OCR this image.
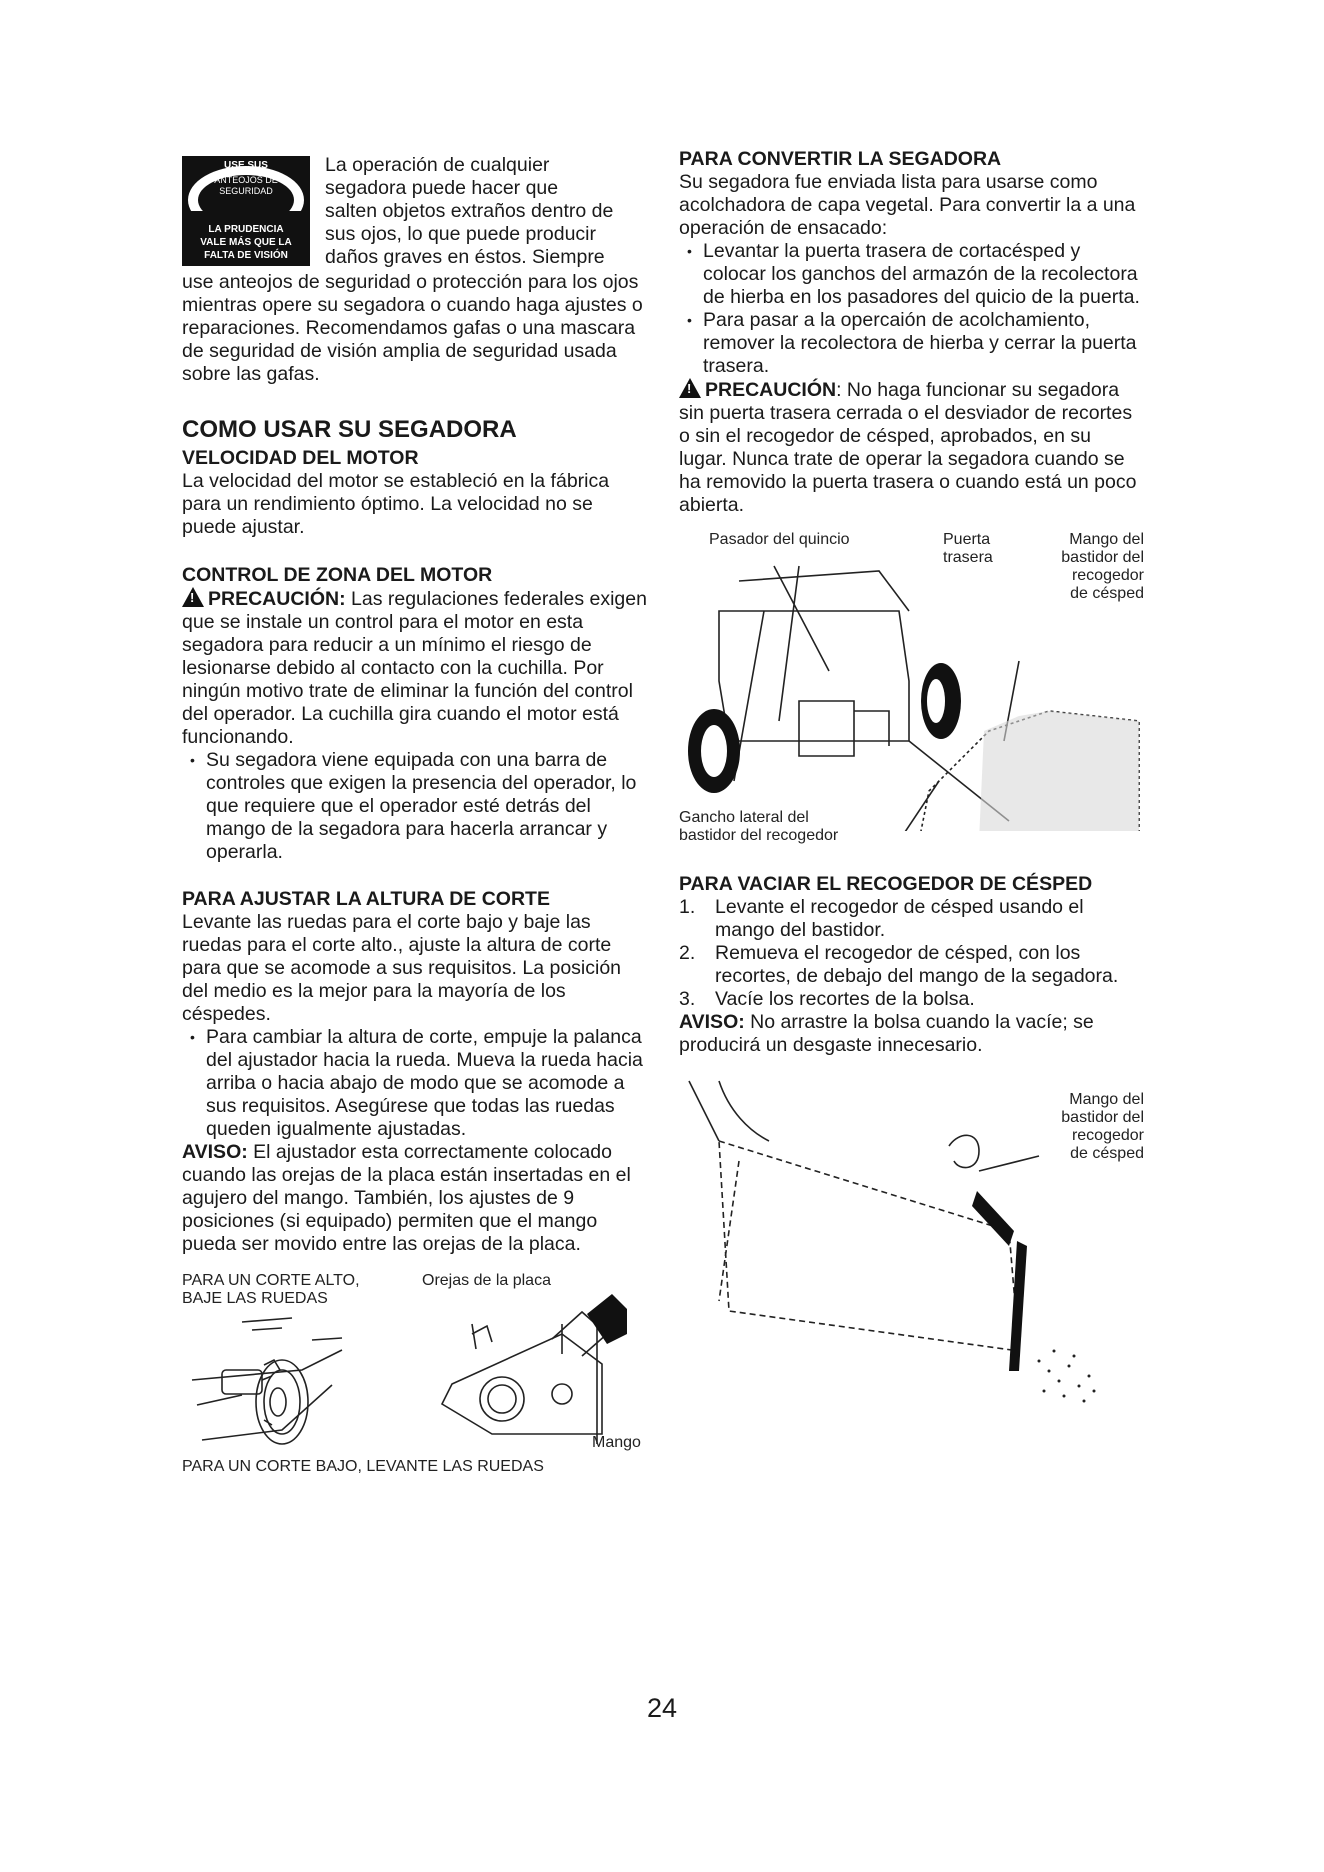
USE SUS
ANTEOJOS DE
SEGURIDAD
LA PRUDENCIA
VALE MÁS QUE LA
FALTA DE VISIÓN

La operación de cualquier

segadora puede hacer que

salten objetos extraños dentro de

sus ojos, lo que puede producir

daños graves en éstos. Siempre

use anteojos de seguridad o protección para los ojos mientras opere su segadora o cuando haga ajustes o reparaciones. Recomendamos gafas o una mascara de seguridad de visión amplia de seguridad usada sobre las gafas.

COMO USAR SU SEGADORA
VELOCIDAD DEL MOTOR

La velocidad del motor se estableció en la fábrica para un rendimiento óptimo. La velocidad no se puede ajustar.

CONTROL DE ZONA DEL MOTOR

!PRECAUCIÓN: Las regulaciones federales exigen que se instale un control para el motor en esta segadora para reducir a un mínimo el riesgo de lesionarse debido al contacto con la cuchilla. Por ningún motivo trate de eliminar la función del control del operador. La cuchilla gira cuando el motor está funcionando.

• Su segadora viene equipada con una barra de controles que exigen la presencia del operador, lo que requiere que el operador esté detrás del mango de la segadora para hacerla arrancar y operarla.
PARA AJUSTAR LA ALTURA DE CORTE

Levante las ruedas para el corte bajo y baje las ruedas para el corte alto., ajuste la altura de corte para que se acomode a sus requisitos. La posición del medio es la mejor para la mayoría de los céspedes.

• Para cambiar la altura de corte, empuje la palanca del ajustador hacia la rueda. Mueva la rueda hacia arriba o hacia abajo de modo que se acomode a sus requisitos. Asegúrese que todas las ruedas queden igualmente ajustadas.

AVISO: El ajustador esta correctamente colocado cuando las orejas de la placa están insertadas en el agujero del mango. También, los ajustes de 9 posiciones (si equipado) permiten que el mango pueda ser movido entre las orejas de la placa.

PARA UN CORTE ALTO,
BAJE LAS RUEDAS
Orejas de la placa
Mango
PARA UN CORTE BAJO, LEVANTE LAS RUEDAS
PARA CONVERTIR LA SEGADORA

Su segadora fue enviada lista para usarse como acolchadora de capa vegetal. Para convertir la a una operación de ensacado:

• Levantar la puerta trasera de cortacésped y colocar los ganchos del armazón de la recolectora de hierba en los pasadores del quicio de la puerta.
• Para pasar a la opercaión de acolchamiento, remover la recolectora de hierba y cerrar la puerta trasera.

!PRECAUCIÓN: No haga funcionar su segadora sin puerta trasera cerrada o el desviador de recortes o sin el recogedor de césped, aprobados, en su lugar. Nunca trate de operar la segadora cuando se ha removido la puerta trasera o cuando está un poco abierta.

Pasador del quincio	Puerta
trasera
Mango del
bastidor del
recogedor
de césped
Gancho lateral del
bastidor del recogedor
PARA VACIAR EL RECOGEDOR DE CÉSPED
1. Levante el recogedor de césped usando el mango del bastidor.
2. Remueva el recogedor de césped, con los recortes, de debajo del mango de la segadora.
3. Vacíe los recortes de la bolsa.

AVISO: No arrastre la bolsa cuando la vacíe; se producirá un desgaste innecesario.

Mango del
bastidor del
recogedor
de césped
24
